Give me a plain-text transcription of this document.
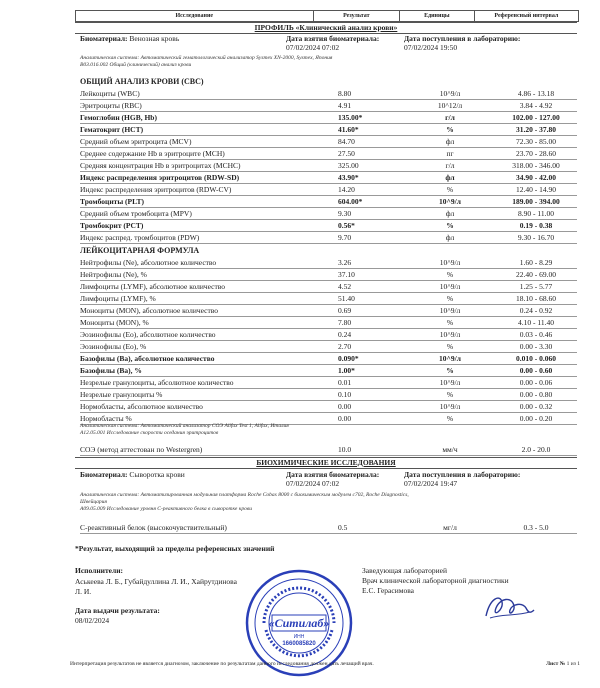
Исследование	Результат	Единицы	Референсный интервал
ПРОФИЛЬ «Клинический анализ крови»
Биоматериал: Венозная кровь	Дата взятия биоматериала:
07/02/2024 07:02
Дата поступления в лабораторию:
07/02/2024 19:50
Аналитическая система: Автоматический гематологический анализатор Sysmex XN-2000, Sysmex, Япония
B03.016.002 Общий (клинический) анализ крови
ОБЩИЙ АНАЛИЗ КРОВИ (CBC)
Лейкоциты (WBC)	8.80	10^9/л	4.86 - 13.18
Эритроциты (RBC)	4.91	10^12/л	3.84 - 4.92
Гемоглобин (HGB, Hb)	135.00*	г/л	102.00 - 127.00
Гематокрит (HCT)	41.60*	%	31.20 - 37.80
Средний объем эритроцита (MCV)	84.70	фл	72.30 - 85.00
Среднее содержание Hb в эритроците (MCH)	27.50	пг	23.70 - 28.60
Средняя концентрация Hb в эритроцитах (MCHC)	325.00	г/л	318.00 - 346.00
Индекс распределения эритроцитов (RDW-SD)	43.90*	фл	34.90 - 42.00
Индекс распределения эритроцитов (RDW-CV)	14.20	%	12.40 - 14.90
Тромбоциты (PLT)	604.00*	10^9/л	189.00 - 394.00
Средний объем тромбоцита (MPV)	9.30	фл	8.90 - 11.00
Тромбокрит (PCT)	0.56*	%	0.19 - 0.38
Индекс распред. тромбоцитов (PDW)	9.70	фл	9.30 - 16.70
ЛЕЙКОЦИТАРНАЯ ФОРМУЛА
Нейтрофилы (Ne), абсолютное количество	3.26	10^9/л	1.60 - 8.29
Нейтрофилы (Ne), %	37.10	%	22.40 - 69.00
Лимфоциты (LYMF), абсолютное количество	4.52	10^9/л	1.25 - 5.77
Лимфоциты (LYMF), %	51.40	%	18.10 - 68.60
Моноциты (MON), абсолютное количество	0.69	10^9/л	0.24 - 0.92
Моноциты (MON), %	7.80	%	4.10 - 11.40
Эозинофилы (Eo), абсолютное количество	0.24	10^9/л	0.03 - 0.46
Эозинофилы (Eo), %	2.70	%	0.00 - 3.30
Базофилы (Ba), абсолютное количество	0.090*	10^9/л	0.010 - 0.060
Базофилы (Ba), %	1.00*	%	0.00 - 0.60
Незрелые гранулоциты, абсолютное количество	0.01	10^9/л	0.00 - 0.06
Незрелые гранулоциты %	0.10	%	0.00 - 0.80
Нормобласты, абсолютное количество	0.00	10^9/л	0.00 - 0.32
Нормобласты %	0.00	%	0.00 - 0.20
Аналитическая система: Автоматический анализатор СОЭ Alifax Test 1, Alifax, Италия
A12.05.001 Исследование скорости оседания эритроцитов
СОЭ (метод аттестован по Westergren)	10.0	мм/ч	2.0 - 20.0
БИОХИМИЧЕСКИЕ ИССЛЕДОВАНИЯ
Биоматериал: Сыворотка крови	Дата взятия биоматериала:
07/02/2024 07:02
Дата поступления в лабораторию:
07/02/2024 19:47
Аналитическая система: Автоматизированная модульная платформа Roche Cobas 8000 с биохимическим модулем c702, Roche Diagnostics,
Швейцария
A09.05.009 Исследование уровня С-реактивного белка в сыворотке крови
С-реактивный белок (высокочувствительный)	0.5	мг/л	0.3 - 5.0
*Результат, выходящий за пределы референсных значений
Исполнители:
Аськеева Л. Б., Губайдуллина Л. И., Хайрутдинова Л. И.
Дата выдачи результата:
08/02/2024
Заведующая лабораторией
Врач клинической лабораторной диагностики
Е.С. Герасимова
«Ситилаб»
ИНН
1660085820
Интерпретация результатов не является диагнозом, заключение по результатам данного исследования должен дать лечащий врач.	Лист № 1 из 1
